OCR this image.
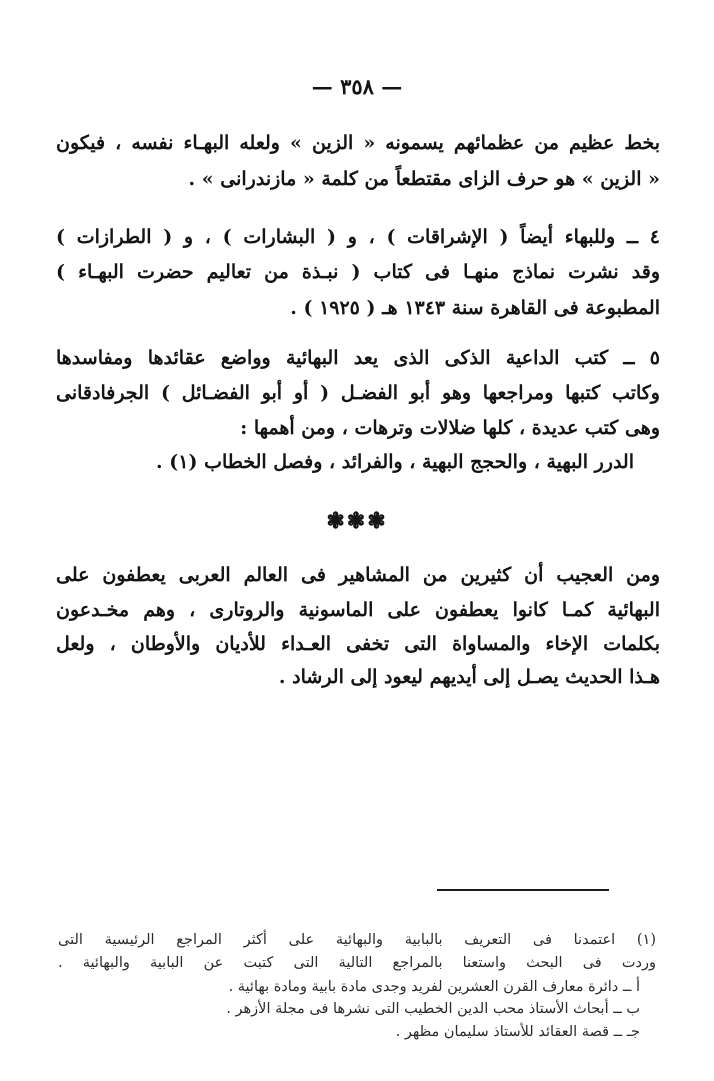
— ٣٥٨ —
بخط عظيم من عظمائهم يسمونه « الزين » ولعله البهـاء نفسه ، فيكون
« الزين » هو حرف الزاى مقتطعاً من كلمة « مازندرانى » .
٤ ــ وللبهاء أيضاً ( الإشراقات ) ، و ( البشارات ) ، و ( الطرازات )
وقد نشرت نماذج منهـا فى كتاب ( نبـذة من تعاليم حضرت البهـاء )
المطبوعة فى القاهرة سنة ١٣٤٣ هـ ( ١٩٢٥ ) .
٥ ــ كتب الداعية الذكى الذى يعد البهائية وواضع عقائدها ومفاسدها
وكاتب كتبها ومراجعها وهو أبو الفضـل ( أو أبو الفضـائل ) الجرفادقانى
وهى كتب عديدة ، كلها ضلالات وترهات ، ومن أهمها :
الدرر البهية ، والحجج البهية ، والفرائد ، وفصل الخطاب (١) .
❃❃❃
ومن العجيب أن كثيرين من المشاهير فى العالم العربى يعطفون على
البهائية كمـا كانوا يعطفون على الماسونية والروتارى ، وهم مخـدعون
بكلمات الإخاء والمساواة التى تخفى العـداء للأديان والأوطان ، ولعل
هـذا الحديث يصـل إلى أيديهم ليعود إلى الرشاد .
(١) اعتمدنا فى التعريف بالبابية والبهائية على أكثر المراجع الرئيسية التى
وردت فى البحث واستعنا بالمراجع التالية التى كتبت عن البابية والبهائية .
أ ــ دائرة معارف القرن العشرين لفريد وجدى مادة بابية ومادة بهائية .
ب ــ أبحاث الأستاذ محب الدين الخطيب التى نشرها فى مجلة الأزهر .
جـ ــ قصة العقائد للأستاذ سليمان مظهر .
